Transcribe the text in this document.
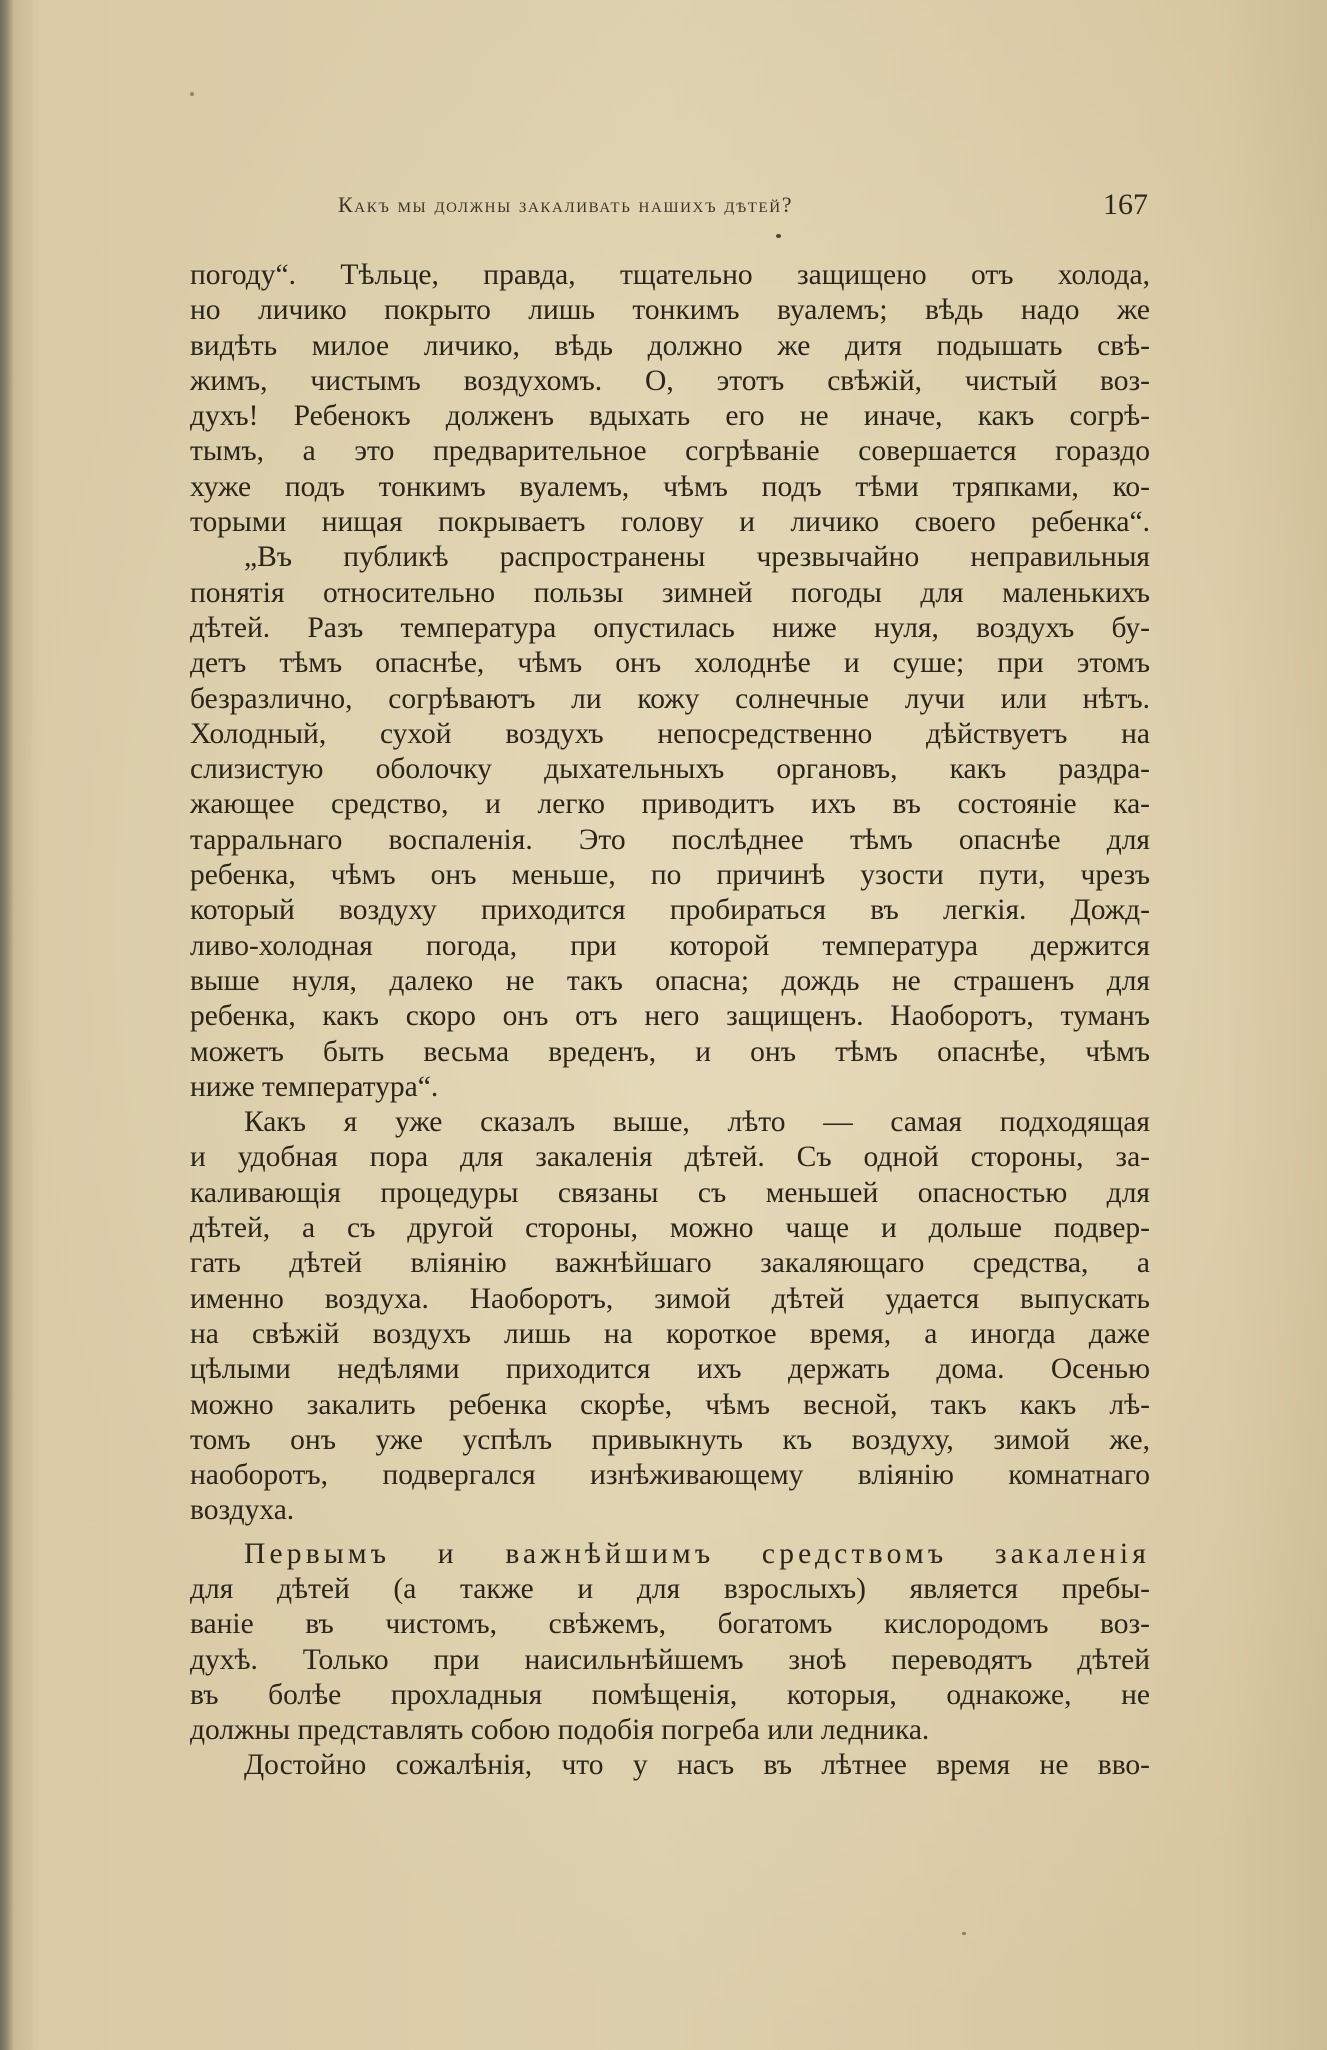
Какъ мы должны закаливать нашихъ дѣтей?	167
погоду“. Тѣльце, правда, тщательно защищено отъ холода,
но личико покрыто лишь тонкимъ вуалемъ; вѣдь надо же
видѣть милое личико, вѣдь должно же дитя подышать свѣ-
жимъ, чистымъ воздухомъ. О, этотъ свѣжій, чистый воз-
духъ! Ребенокъ долженъ вдыхать его не иначе, какъ согрѣ-
тымъ, а это предварительное согрѣваніе совершается гораздо
хуже подъ тонкимъ вуалемъ, чѣмъ подъ тѣми тряпками, ко-
торыми нищая покрываетъ голову и личико своего ребенка“.
„Въ публикѣ распространены чрезвычайно неправильныя
понятія относительно пользы зимней погоды для маленькихъ
дѣтей. Разъ температура опустилась ниже нуля, воздухъ бу-
детъ тѣмъ опаснѣе, чѣмъ онъ холоднѣе и суше; при этомъ
безразлично, согрѣваютъ ли кожу солнечные лучи или нѣтъ.
Холодный, сухой воздухъ непосредственно дѣйствуетъ на
слизистую оболочку дыхательныхъ органовъ, какъ раздра-
жающее средство, и легко приводитъ ихъ въ состояніе ка-
тарральнаго воспаленія. Это послѣднее тѣмъ опаснѣе для
ребенка, чѣмъ онъ меньше, по причинѣ узости пути, чрезъ
который воздуху приходится пробираться въ легкія. Дожд-
ливо-холодная погода, при которой температура держится
выше нуля, далеко не такъ опасна; дождь не страшенъ для
ребенка, какъ скоро онъ отъ него защищенъ. Наоборотъ, туманъ
можетъ быть весьма вреденъ, и онъ тѣмъ опаснѣе, чѣмъ
ниже температура“.
Какъ я уже сказалъ выше, лѣто — самая подходящая
и удобная пора для закаленія дѣтей. Съ одной стороны, за-
каливающія процедуры связаны съ меньшей опасностью для
дѣтей, а съ другой стороны, можно чаще и дольше подвер-
гать дѣтей вліянію важнѣйшаго закаляющаго средства, а
именно воздуха. Наоборотъ, зимой дѣтей удается выпускать
на свѣжій воздухъ лишь на короткое время, а иногда даже
цѣлыми недѣлями приходится ихъ держать дома. Осенью
можно закалить ребенка скорѣе, чѣмъ весной, такъ какъ лѣ-
томъ онъ уже успѣлъ привыкнуть къ воздуху, зимой же,
наоборотъ, подвергался изнѣживающему вліянію комнатнаго
воздуха.
Первымъ и важнѣйшимъ средствомъ закаленія
для дѣтей (а также и для взрослыхъ) является пребы-
ваніе въ чистомъ, свѣжемъ, богатомъ кислородомъ воз-
духѣ. Только при наисильнѣйшемъ знoѣ переводятъ дѣтей
въ болѣе прохладныя помѣщенія, которыя, однакоже, не
должны представлять собою подобія погреба или ледника.
Достойно сожалѣнія, что у насъ въ лѣтнее время не вво-
